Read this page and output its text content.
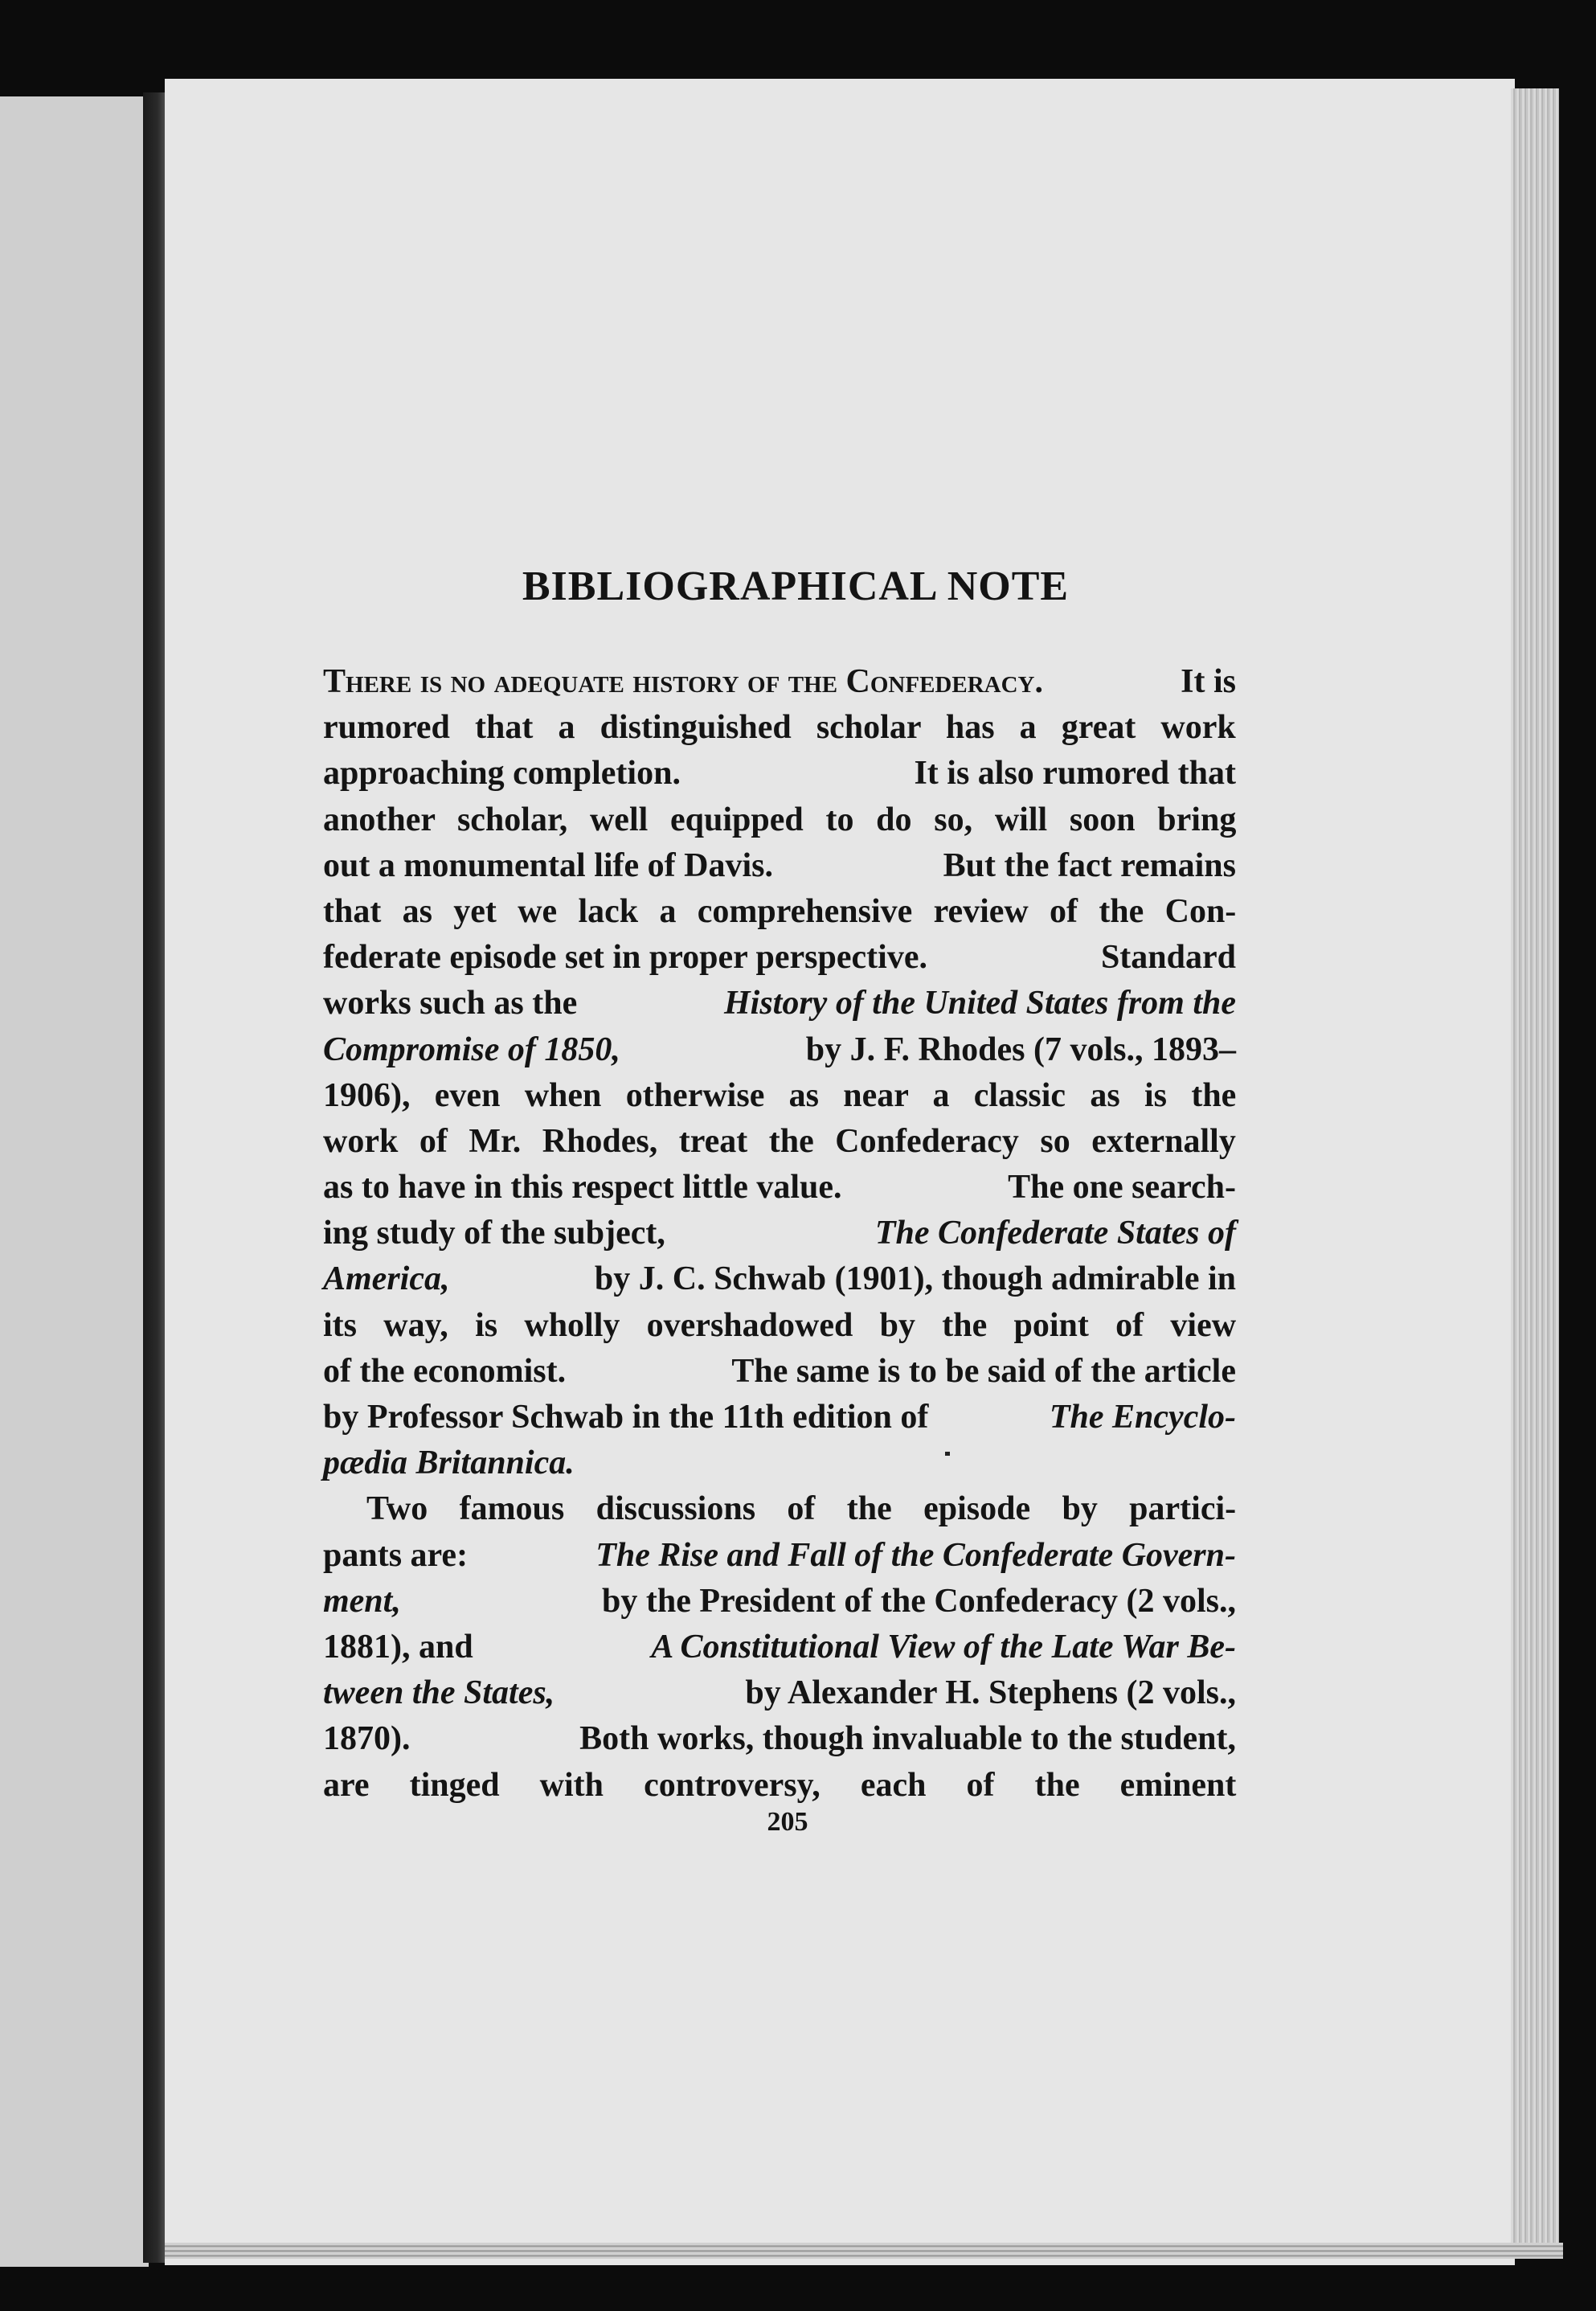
BIBLIOGRAPHICAL NOTE
There is no adequate history of the Confederacy.	It is
rumored that a distinguished scholar has a great work
approaching completion.	It is also rumored that
another scholar, well equipped to do so, will soon bring
out a monumental life of Davis.	But the fact remains
that as yet we lack a comprehensive review of the Con-
federate episode set in proper perspective.	Standard
works such as the	History of the United States from the
Compromise of 1850,	by J. F. Rhodes (7 vols., 1893–
1906), even when otherwise as near a classic as is the
work of Mr. Rhodes, treat the Confederacy so externally
as to have in this respect little value.	The one search-
ing study of the subject,	The Confederate States of
America,	by J. C. Schwab (1901), though admirable in
its way, is wholly overshadowed by the point of view
of the economist.	The same is to be said of the article
by Professor Schwab in the 11th edition of	The Encyclo-
pædia Britannica.
Two famous discussions of the episode by partici-
pants are:	The Rise and Fall of the Confederate Govern-
ment,	by the President of the Confederacy (2 vols.,
1881), and	A Constitutional View of the Late War Be-
tween the States,	by Alexander H. Stephens (2 vols.,
1870).	Both works, though invaluable to the student,
are tinged with controversy, each of the eminent
205
